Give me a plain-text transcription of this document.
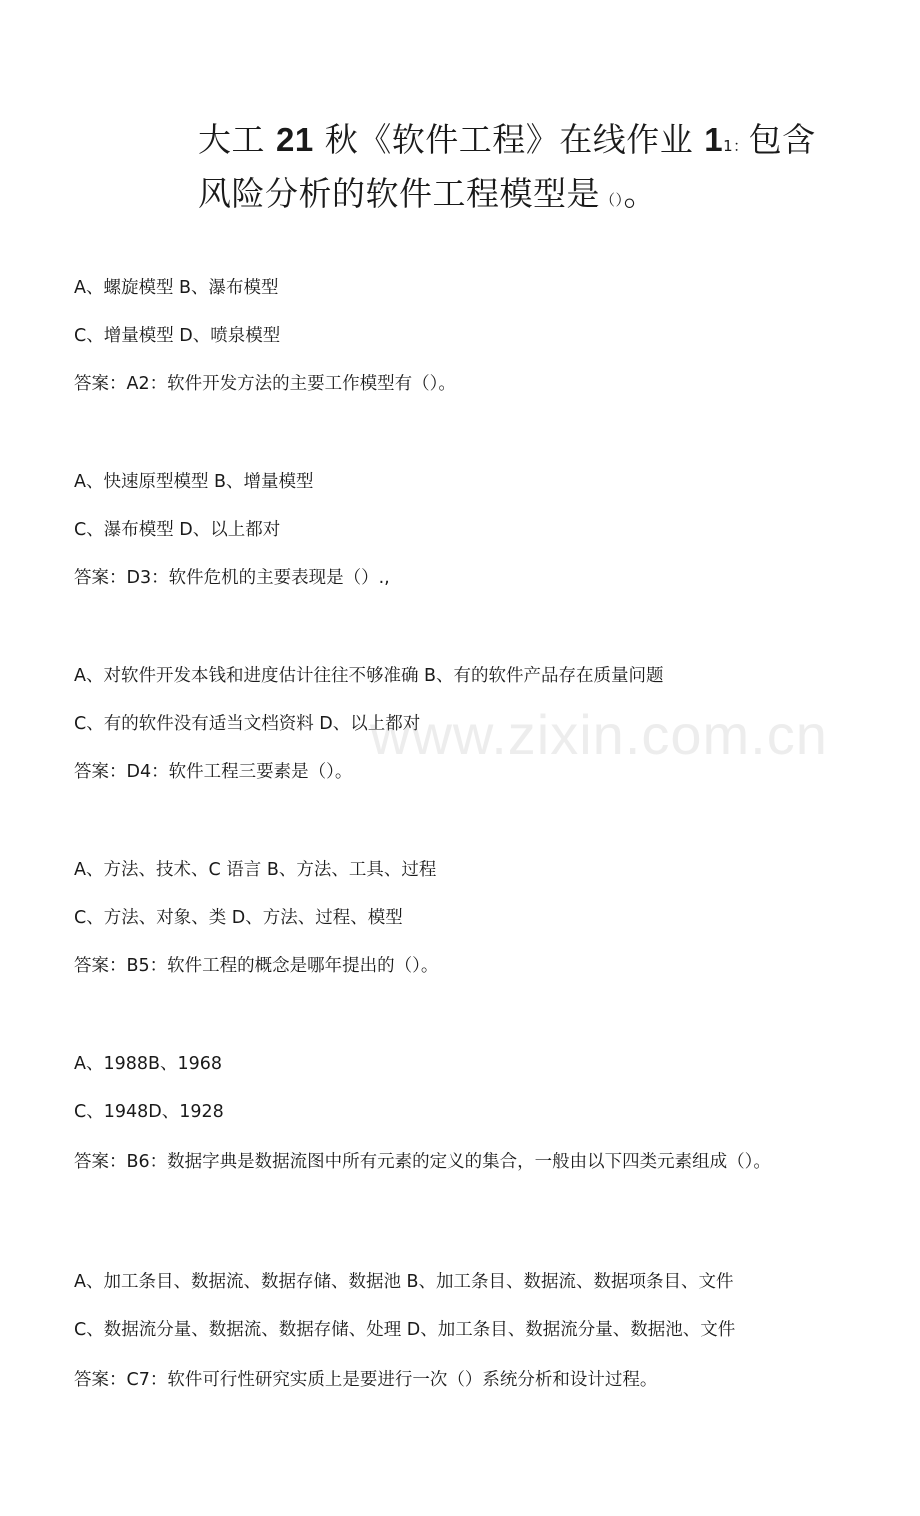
大工 21 秋《软件工程》在线作业 11：包含风险分析的软件工程模型是（）。
A、螺旋模型 B、瀑布模型
C、增量模型 D、喷泉模型
答案：A2：软件开发方法的主要工作模型有（）。
A、快速原型模型 B、增量模型
C、瀑布模型 D、以上都对
答案：D3：软件危机的主要表现是（）.,
A、对软件开发本钱和进度估计往往不够准确 B、有的软件产品存在质量问题
C、有的软件没有适当文档资料 D、以上都对
答案：D4：软件工程三要素是（）。
A、方法、技术、C 语言 B、方法、工具、过程
C、方法、对象、类 D、方法、过程、模型
答案：B5：软件工程的概念是哪年提出的（）。
A、1988B、1968
C、1948D、1928
答案：B6：数据字典是数据流图中所有元素的定义的集合，一般由以下四类元素组成（）。
A、加工条目、数据流、数据存储、数据池 B、加工条目、数据流、数据项条目、文件
C、数据流分量、数据流、数据存储、处理 D、加工条目、数据流分量、数据池、文件
答案：C7：软件可行性研究实质上是要进行一次（）系统分析和设计过程。
www.zixin.com.cn
